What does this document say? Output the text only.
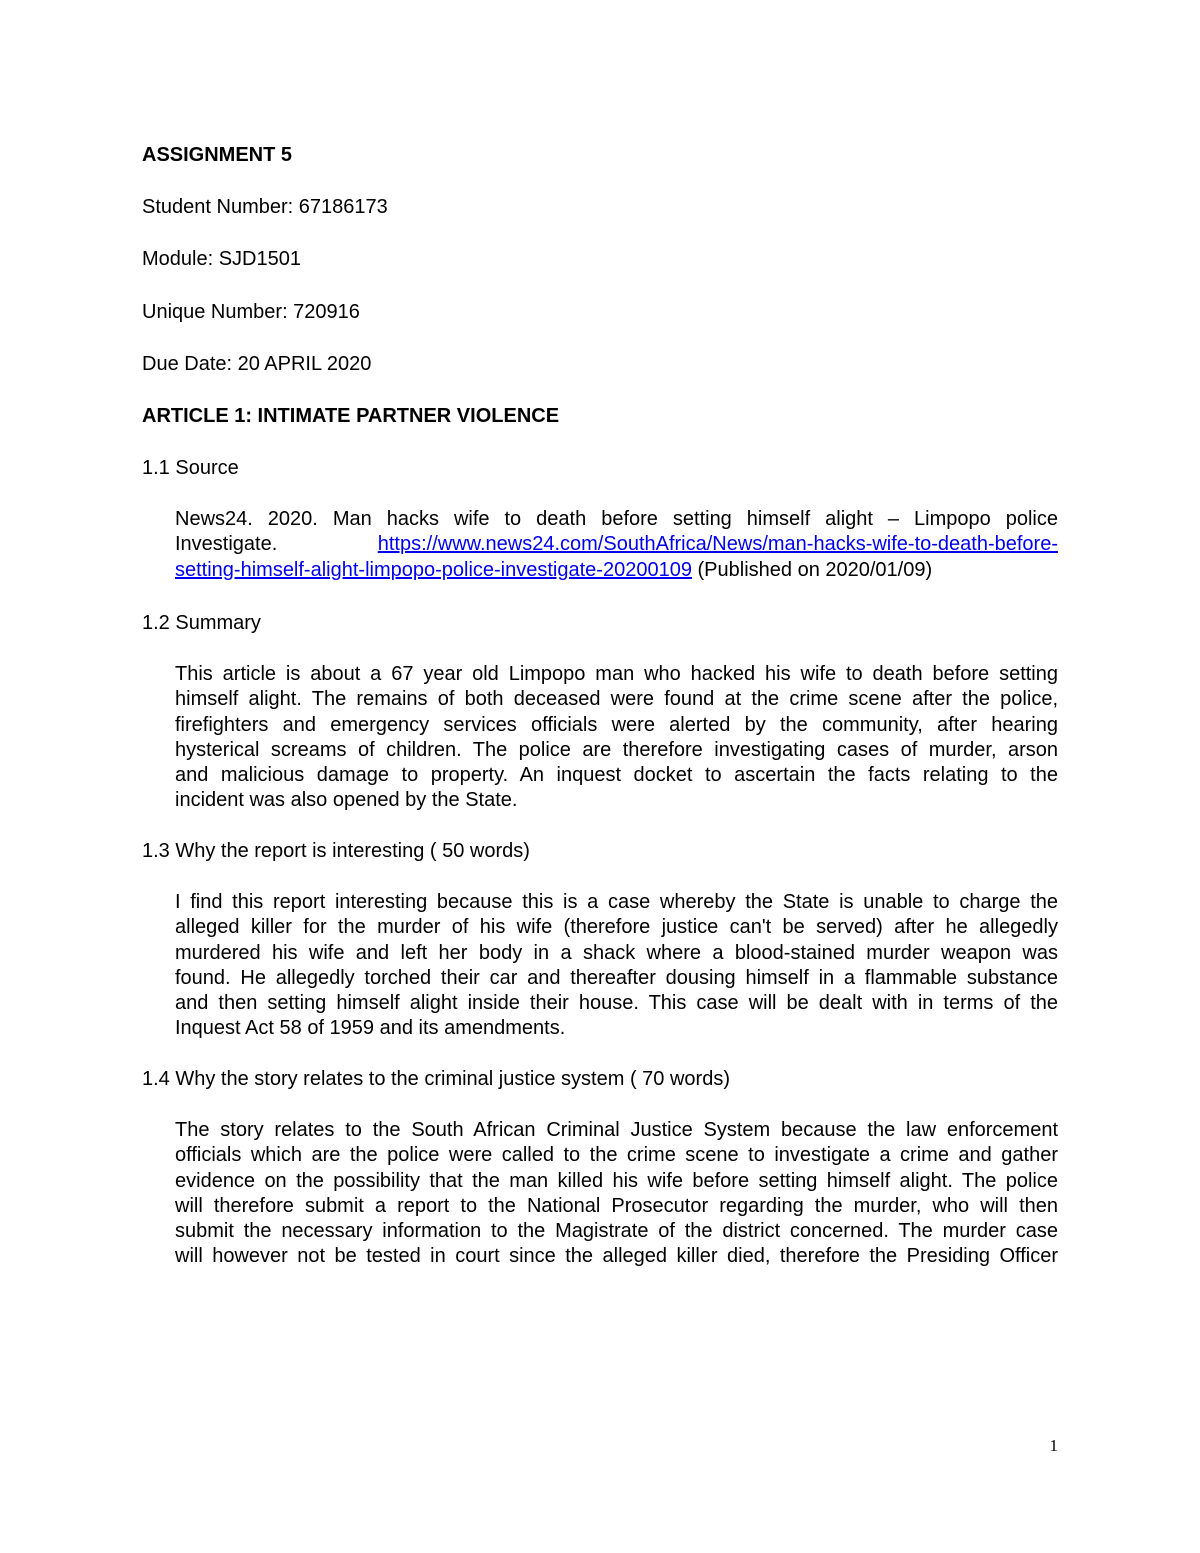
ASSIGNMENT 5
Student Number: 67186173
Module: SJD1501
Unique Number: 720916
Due Date: 20 APRIL 2020
ARTICLE 1: INTIMATE PARTNER VIOLENCE
1.1 Source
News24. 2020. Man hacks wife to death before setting himself alight – Limpopo police
Investigate.	https://www.news24.com/SouthAfrica/News/man-hacks-wife-to-death-before-
setting-himself-alight-limpopo-police-investigate-20200109 (Published on 2020/01/09)
1.2 Summary
This article is about a 67 year old Limpopo man who hacked his wife to death before setting
himself alight. The remains of both deceased were found at the crime scene after the police,
firefighters and emergency services officials were alerted by the community, after hearing
hysterical screams of children. The police are therefore investigating cases of murder, arson
and malicious damage to property. An inquest docket to ascertain the facts relating to the
incident was also opened by the State.
1.3 Why the report is interesting ( 50 words)
I find this report interesting because this is a case whereby the State is unable to charge the
alleged killer for the murder of his wife (therefore justice can't be served) after he allegedly
murdered his wife and left her body in a shack where a blood-stained murder weapon was
found. He allegedly torched their car and thereafter dousing himself in a flammable substance
and then setting himself alight inside their house. This case will be dealt with in terms of the
Inquest Act 58 of 1959 and its amendments.
1.4 Why the story relates to the criminal justice system ( 70 words)
The story relates to the South African Criminal Justice System because the law enforcement
officials which are the police were called to the crime scene to investigate a crime and gather
evidence on the possibility that the man killed his wife before setting himself alight. The police
will therefore submit a report to the National Prosecutor regarding the murder, who will then
submit the necessary information to the Magistrate of the district concerned. The murder case
will however not be tested in court since the alleged killer died, therefore the Presiding Officer
1
